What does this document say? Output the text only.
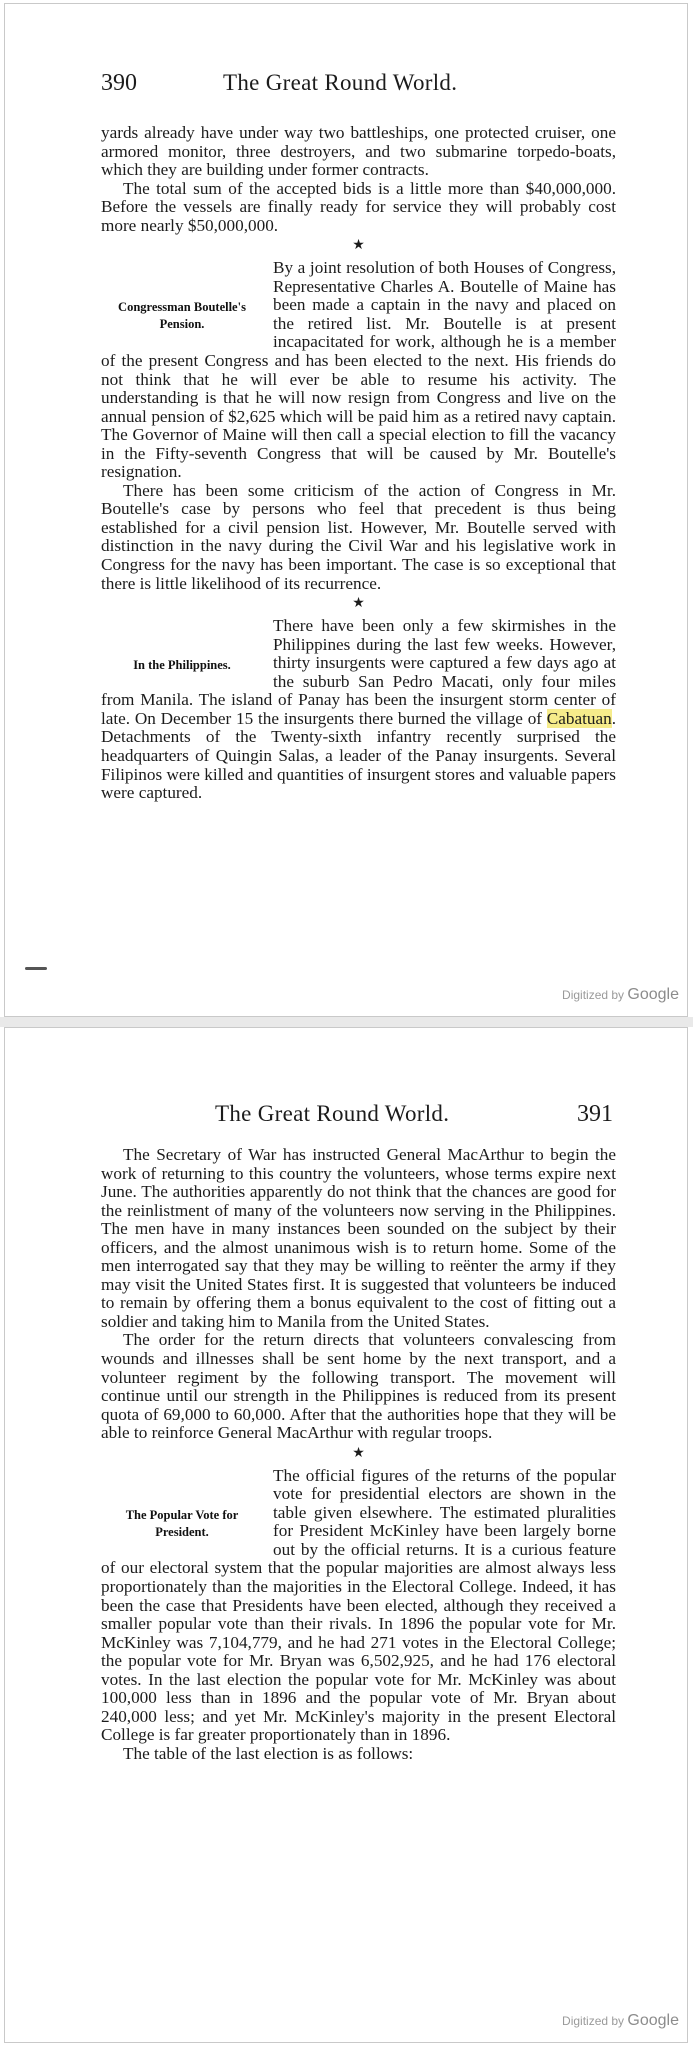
390	The Great Round World.

yards already have under way two battleships, one protected cruiser, one armored monitor, three destroyers, and two submarine torpedo-boats, which they are building under former contracts.

The total sum of the accepted bids is a little more than $40,000,000. Before the vessels are finally ready for service they will probably cost more nearly $50,000,000.

★

Congressman Boutelle's Pension.
By a joint resolution of both Houses of Congress, Representative Charles A. Boutelle of Maine has been made a captain in the navy and placed on the retired list. Mr. Boutelle is at present incapacitated for work, although he is a member of the present Congress and has been elected to the next. His friends do not think that he will ever be able to resume his activity. The understanding is that he will now resign from Congress and live on the annual pension of $2,625 which will be paid him as a retired navy captain. The Governor of Maine will then call a special election to fill the vacancy in the Fifty-seventh Congress that will be caused by Mr. Boutelle's resignation.

There has been some criticism of the action of Congress in Mr. Boutelle's case by persons who feel that precedent is thus being established for a civil pension list. However, Mr. Boutelle served with distinction in the navy during the Civil War and his legislative work in Congress for the navy has been important. The case is so exceptional that there is little likelihood of its recurrence.

★

In the Philippines.
There have been only a few skirmishes in the Philippines during the last few weeks. However, thirty insurgents were captured a few days ago at the suburb San Pedro Macati, only four miles from Manila. The island of Panay has been the insurgent storm center of late. On December 15 the insurgents there burned the village of Cabatuan. Detachments of the Twenty-sixth infantry recently surprised the headquarters of Quingin Salas, a leader of the Panay insurgents. Several Filipinos were killed and quantities of insurgent stores and valuable papers were captured.

Digitized by Google
The Great Round World.	391

The Secretary of War has instructed General MacArthur to begin the work of returning to this country the volunteers, whose terms expire next June. The authorities apparently do not think that the chances are good for the reinlistment of many of the volunteers now serving in the Philippines. The men have in many instances been sounded on the subject by their officers, and the almost unanimous wish is to return home. Some of the men interrogated say that they may be willing to reënter the army if they may visit the United States first. It is suggested that volunteers be induced to remain by offering them a bonus equivalent to the cost of fitting out a soldier and taking him to Manila from the United States.

The order for the return directs that volunteers convalescing from wounds and illnesses shall be sent home by the next transport, and a volunteer regiment by the following transport. The movement will continue until our strength in the Philippines is reduced from its present quota of 69,000 to 60,000. After that the authorities hope that they will be able to reinforce General MacArthur with regular troops.

★

The Popular Vote for President.
The official figures of the returns of the popular vote for presidential electors are shown in the table given elsewhere. The estimated pluralities for President McKinley have been largely borne out by the official returns. It is a curious feature of our electoral system that the popular majorities are almost always less proportionately than the majorities in the Electoral College. Indeed, it has been the case that Presidents have been elected, although they received a smaller popular vote than their rivals. In 1896 the popular vote for Mr. McKinley was 7,104,779, and he had 271 votes in the Electoral College; the popular vote for Mr. Bryan was 6,502,925, and he had 176 electoral votes. In the last election the popular vote for Mr. McKinley was about 100,000 less than in 1896 and the popular vote of Mr. Bryan about 240,000 less; and yet Mr. McKinley's majority in the present Electoral College is far greater proportionately than in 1896.

The table of the last election is as follows:

Digitized by Google
